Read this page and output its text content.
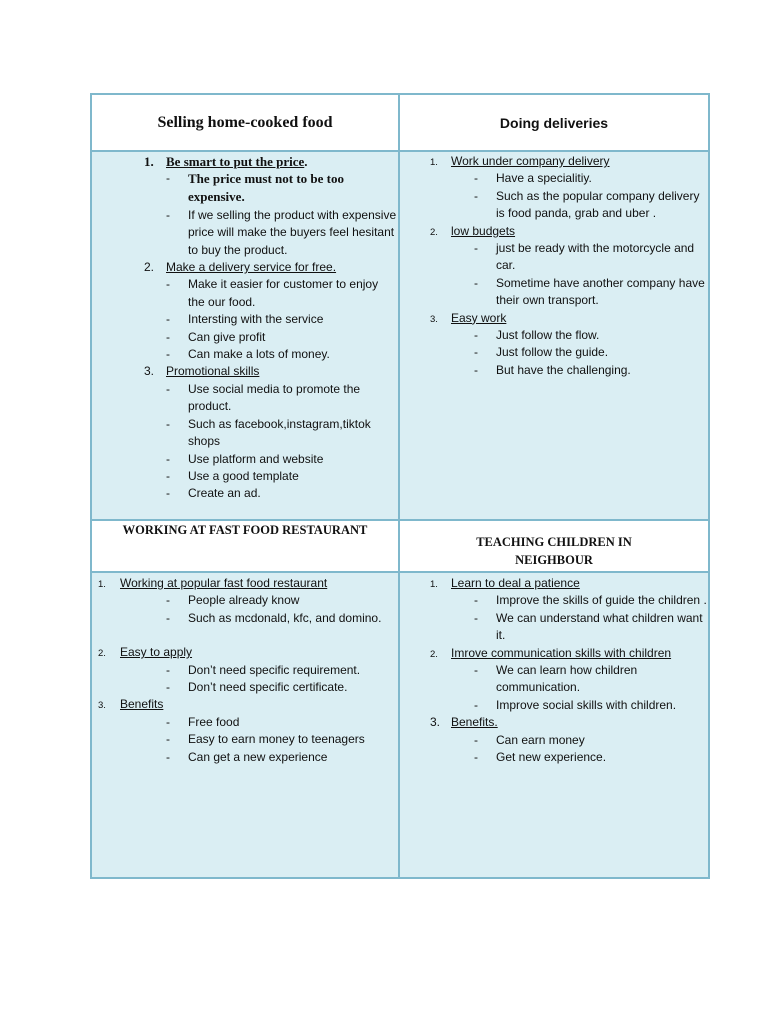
Selling home-cooked food	Doing deliveries
1. Be smart to put the price.
- The price must not to be too expensive.
- If we selling the product with expensive price will make the buyers feel hesitant to buy the product.
2. Make a delivery service for free.
- Make it easier for customer to enjoy the our food.
- Intersting with the service
- Can give profit
- Can make a lots of money.
3. Promotional skills
- Use social media to promote the product.
- Such as facebook,instagram,tiktok shops
- Use platform and website
- Use a good template
- Create an ad.
1. Work under company delivery
- Have a specialitiy.
- Such as the popular company delivery is food panda, grab and uber .
2. low budgets
- just be ready with the motorcycle and car.
- Sometime have another company have their own transport.
3. Easy work
- Just follow the flow.
- Just follow the guide.
- But have the challenging.
WORKING AT FAST FOOD RESTAURANT
TEACHING CHILDREN IN
NEIGHBOUR
1. Working at popular fast food restaurant
- People already know
- Such as mcdonald, kfc, and domino.
2. Easy to apply
- Don’t need specific requirement.
- Don’t need specific certificate.
3. Benefits
- Free food
- Easy to earn money to teenagers
- Can get a new experience
1. Learn to deal a patience
- Improve the skills of guide the children .
- We can understand what children want it.
2. Imrove communication skills with children
- We can learn how children communication.
- Improve social skills with children.
3. Benefits.
- Can earn money
- Get new experience.
